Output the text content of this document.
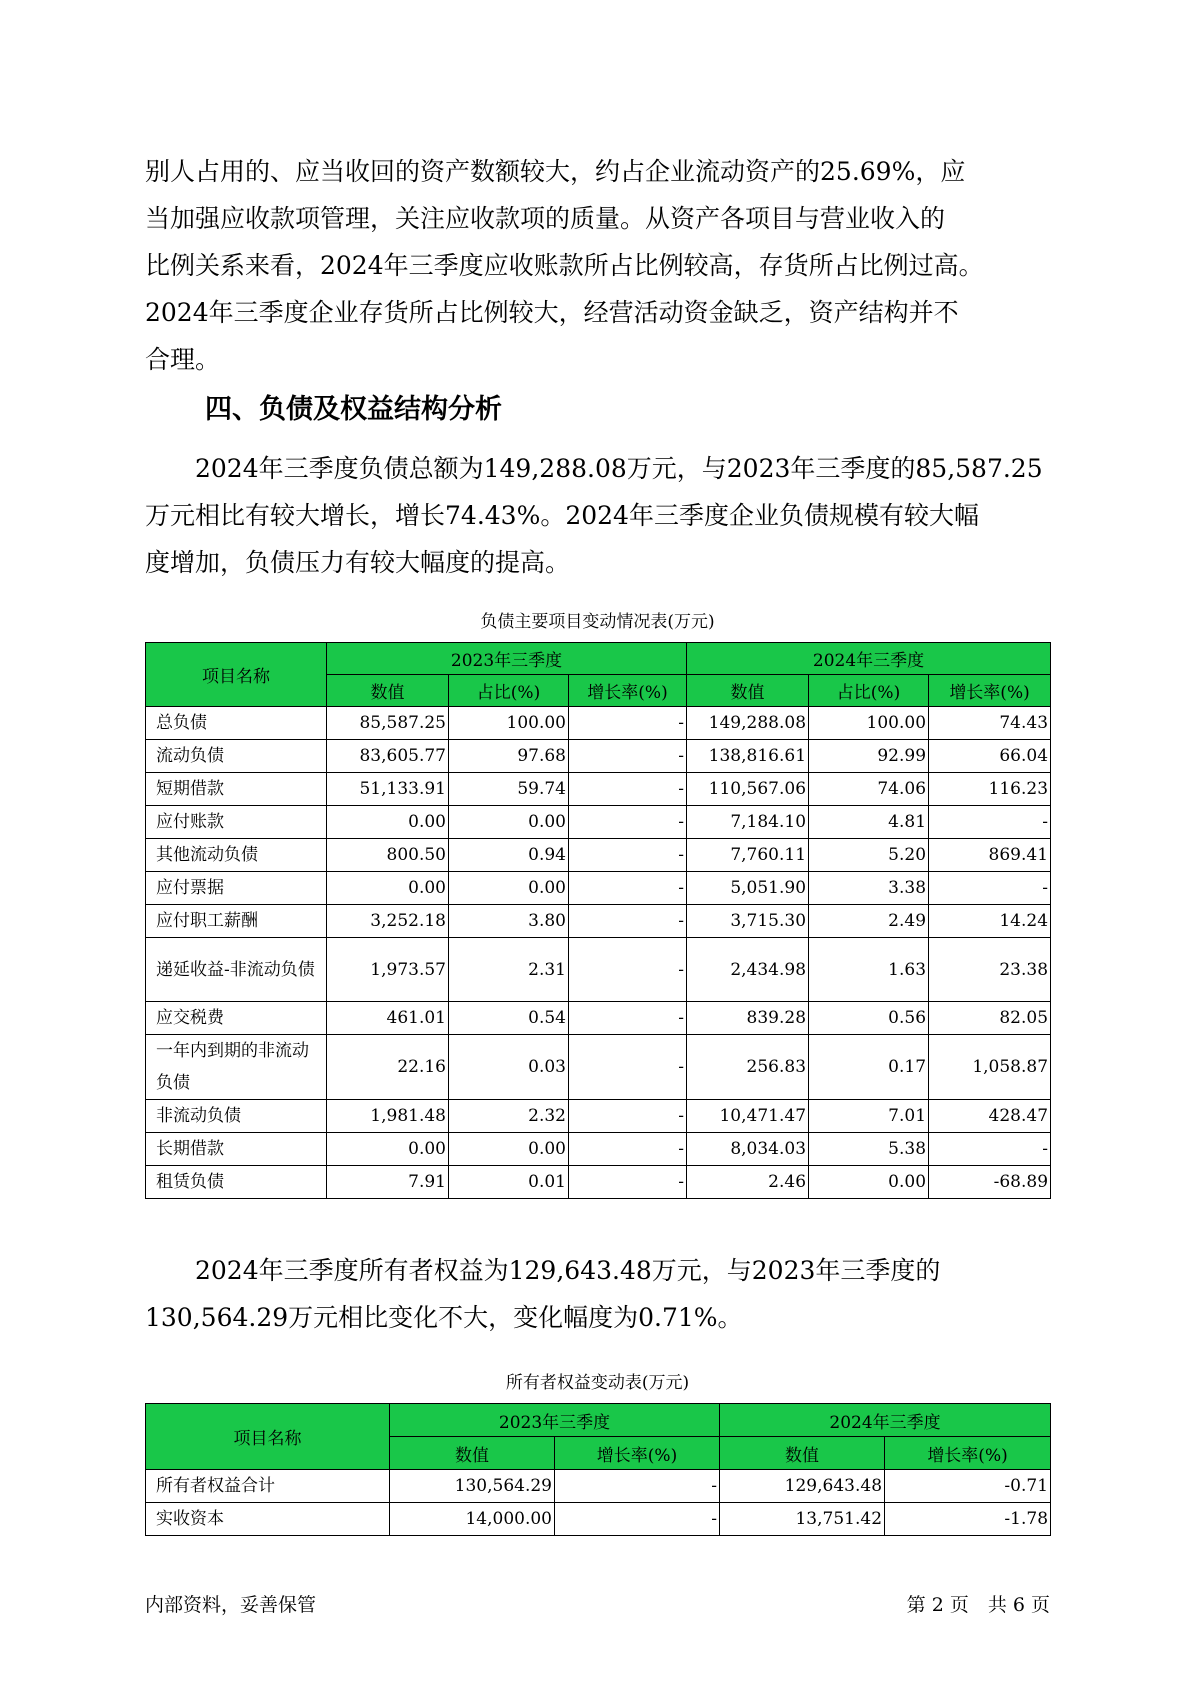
别人占用的、应当收回的资产数额较大，约占企业流动资产的25.69%，应
当加强应收款项管理，关注应收款项的质量。从资产各项目与营业收入的
比例关系来看，2024年三季度应收账款所占比例较高，存货所占比例过高。
2024年三季度企业存货所占比例较大，经营活动资金缺乏，资产结构并不
合理。
四、负债及权益结构分析
　　2024年三季度负债总额为149,288.08万元，与2023年三季度的85,587.25
万元相比有较大增长，增长74.43%。2024年三季度企业负债规模有较大幅
度增加，负债压力有较大幅度的提高。

负债主要项目变动情况表(万元)

项目名称	2023年三季度			2024年三季度		
	数值	占比(%)	增长率(%)	数值	占比(%)	增长率(%)
总负债	85,587.25	100.00	-	149,288.08	100.00	74.43
流动负债	83,605.77	97.68	-	138,816.61	92.99	66.04
短期借款	51,133.91	59.74	-	110,567.06	74.06	116.23
应付账款	0.00	0.00	-	7,184.10	4.81	-
其他流动负债	800.50	0.94	-	7,760.11	5.20	869.41
应付票据	0.00	0.00	-	5,051.90	3.38	-
应付职工薪酬	3,252.18	3.80	-	3,715.30	2.49	14.24
递延收益-非流动负债	1,973.57	2.31	-	2,434.98	1.63	23.38
应交税费	461.01	0.54	-	839.28	0.56	82.05
一年内到期的非流动负债	22.16	0.03	-	256.83	0.17	1,058.87
非流动负债	1,981.48	2.32	-	10,471.47	7.01	428.47
长期借款	0.00	0.00	-	8,034.03	5.38	-
租赁负债	7.91	0.01	-	2.46	0.00	-68.89
　　2024年三季度所有者权益为129,643.48万元，与2023年三季度的
130,564.29万元相比变化不大，变化幅度为0.71%。

所有者权益变动表(万元)

项目名称	2023年三季度		2024年三季度	
	数值	增长率(%)	数值	增长率(%)
所有者权益合计	130,564.29	-	129,643.48	-0.71
实收资本	14,000.00	-	13,751.42	-1.78

内部资料，妥善保管	第 2 页　共 6 页
